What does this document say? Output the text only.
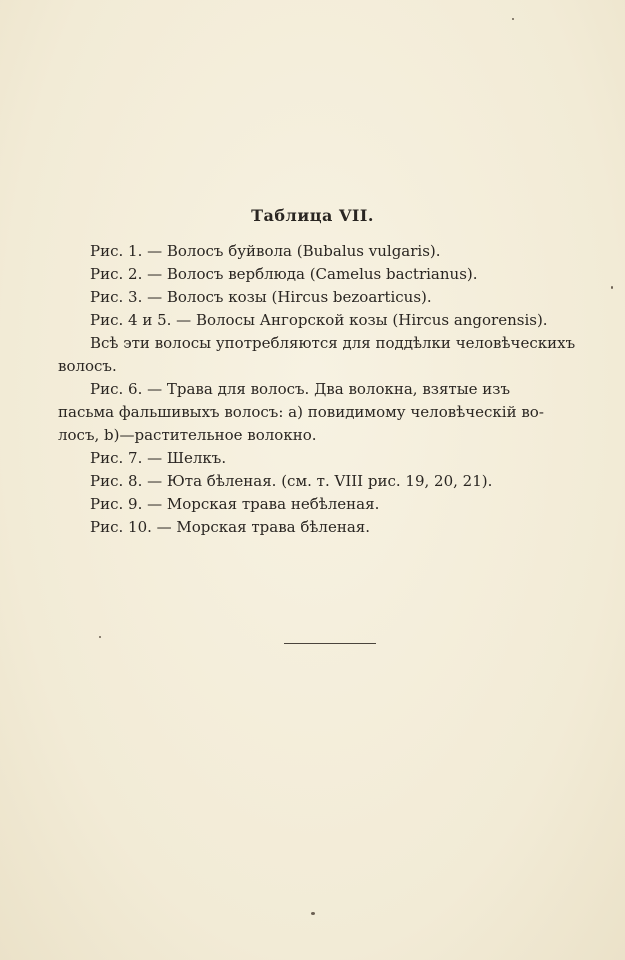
Таблица VII.
Рис. 1. — Волосъ буйвола (Bubalus vulgaris).
Рис. 2. — Волосъ верблюда (Camelus bactrianus).
Рис. 3. — Волосъ козы (Hircus bezoarticus).
Рис. 4 и 5. — Волосы Ангорской козы (Hircus angorensis).
Всѣ эти волосы употребляются для поддѣлки человѣческихъ
волосъ.
Рис. 6. — Трава для волосъ. Два волокна, взятые изъ
пасьма фальшивыхъ волосъ: a) повидимому человѣческій во-
лосъ, b)—растительное волокно.
Рис. 7. — Шелкъ.
Рис. 8. — Юта бѣленая. (см. т. VIII рис. 19, 20, 21).
Рис. 9. — Морская трава небѣленая.
Рис. 10. — Морская трава бѣленая.
